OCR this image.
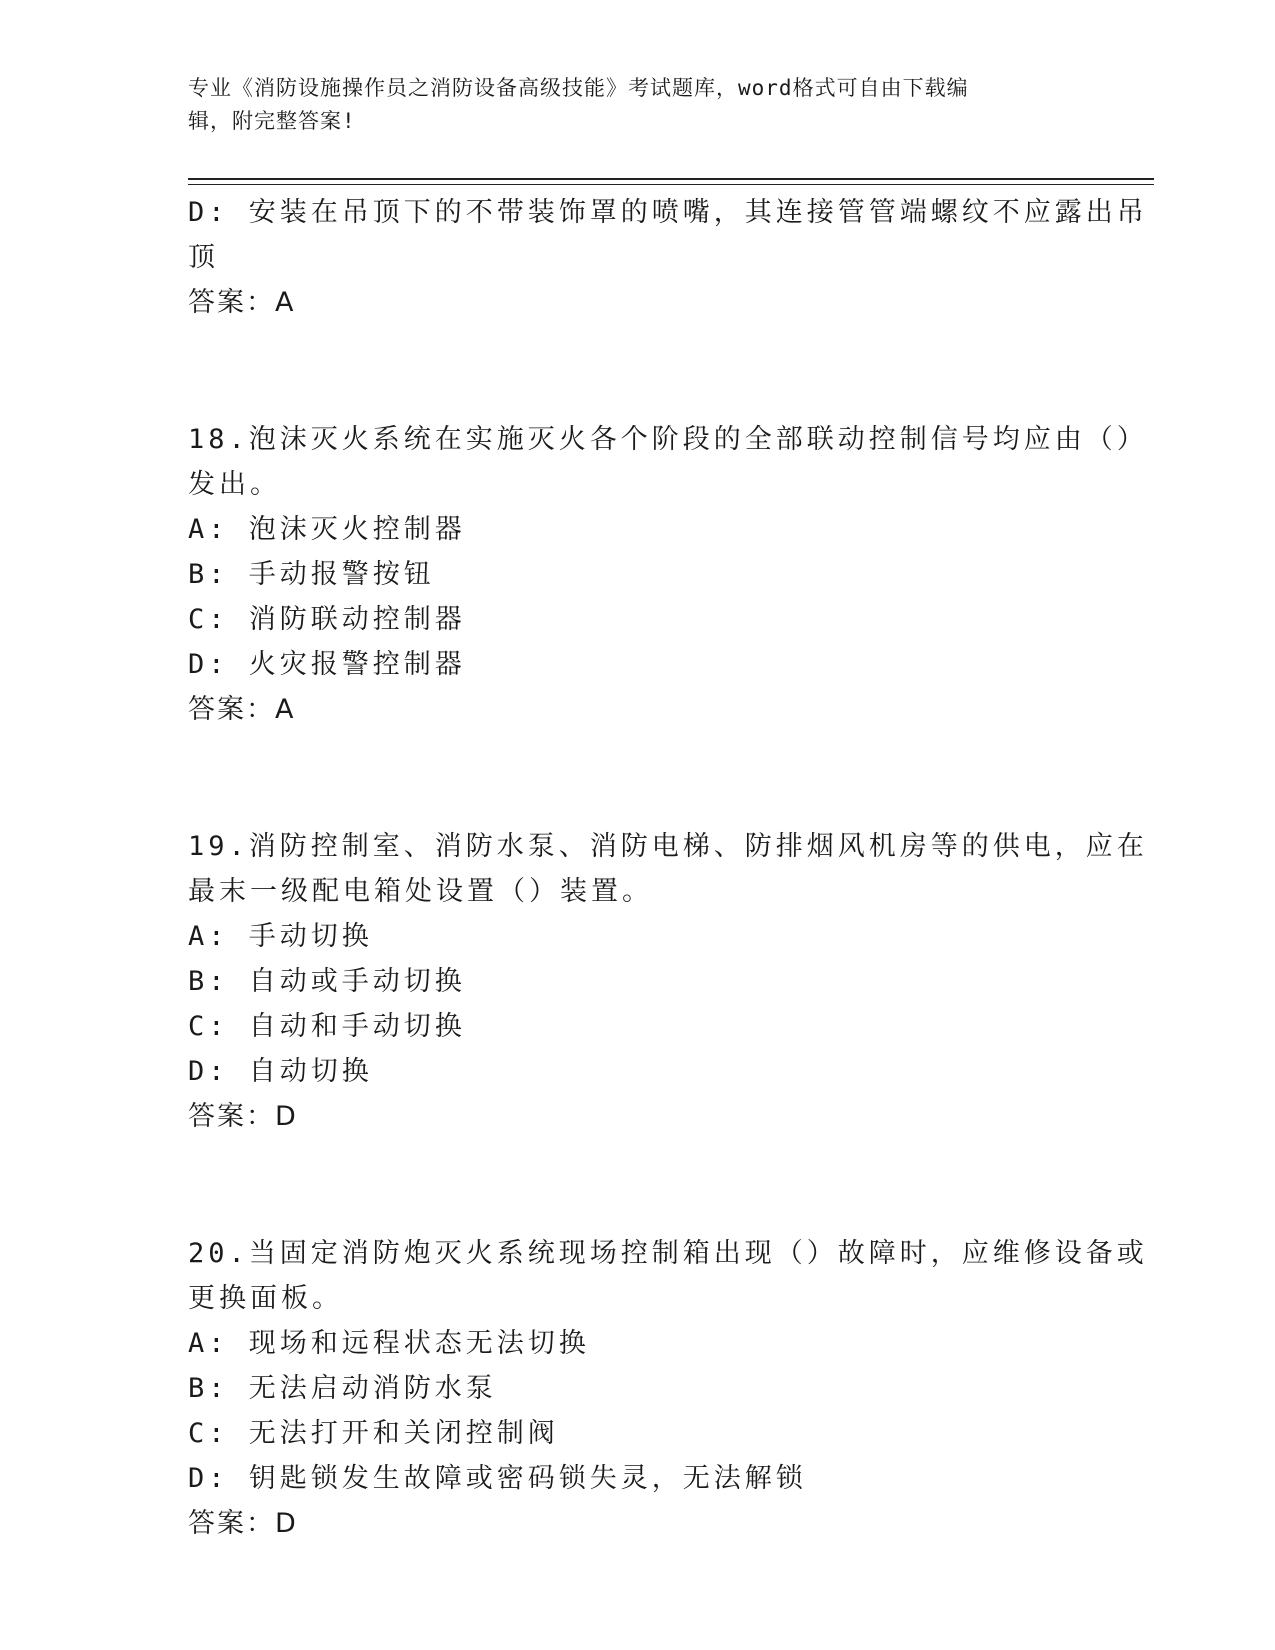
专业《消防设施操作员之消防设备高级技能》考试题库，word格式可自由下载编
辑，附完整答案!
D: 安装在吊顶下的不带装饰罩的喷嘴，其连接管管端螺纹不应露出吊
顶
答案：A
18.泡沫灭火系统在实施灭火各个阶段的全部联动控制信号均应由（）
发出。
A: 泡沫灭火控制器
B: 手动报警按钮
C: 消防联动控制器
D: 火灾报警控制器
答案：A
19.消防控制室、消防水泵、消防电梯、防排烟风机房等的供电，应在
最末一级配电箱处设置（）装置。
A: 手动切换
B: 自动或手动切换
C: 自动和手动切换
D: 自动切换
答案：D
20.当固定消防炮灭火系统现场控制箱出现（）故障时，应维修设备或
更换面板。
A: 现场和远程状态无法切换
B: 无法启动消防水泵
C: 无法打开和关闭控制阀
D: 钥匙锁发生故障或密码锁失灵，无法解锁
答案：D
